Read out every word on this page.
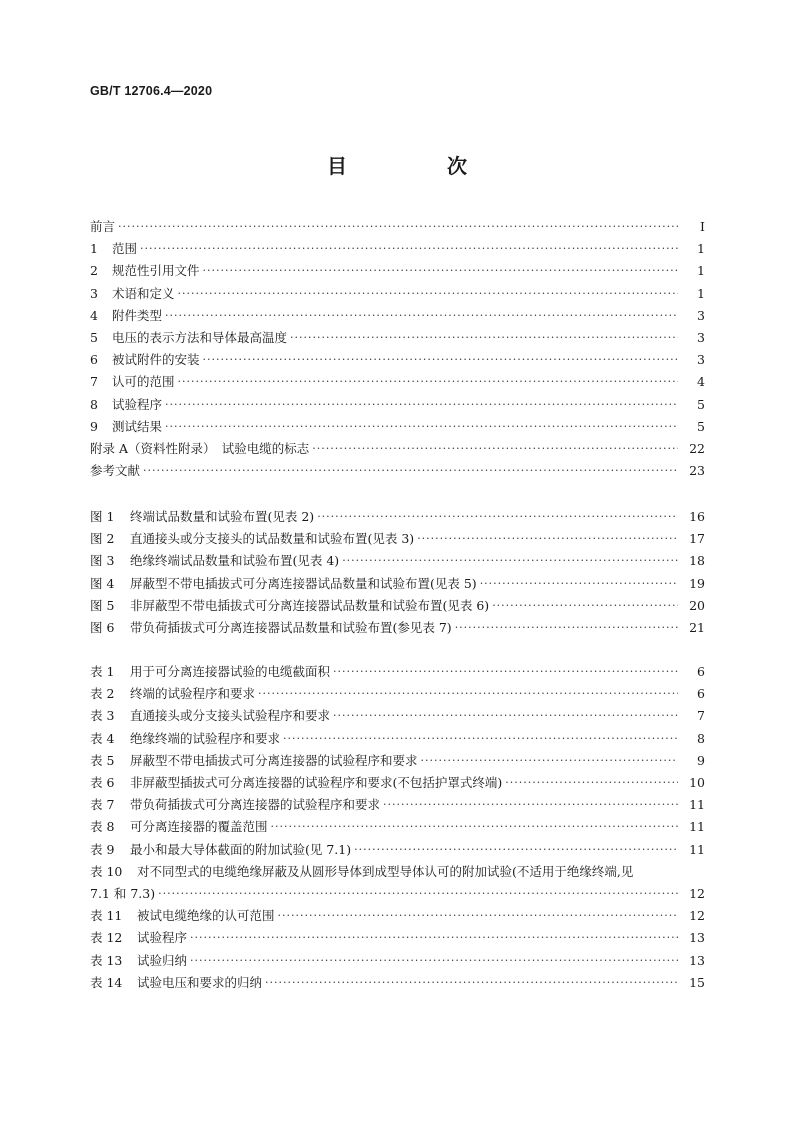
GB/T 12706.4—2020
目　次
前言 ·····	Ⅰ
1	范围 ·····	1
2	规范性引用文件 ·····	1
3	术语和定义 ·····	1
4	附件类型 ·····	3
5	电压的表示方法和导体最高温度 ·····	3
6	被试附件的安装 ·····	3
7	认可的范围 ·····	4
8	试验程序 ·····	5
9	测试结果 ·····	5
附录 A（资料性附录）　试验电缆的标志 ·····	22
参考文献 ·····	23
图 1	终端试品数量和试验布置(见表 2) ·····	16
图 2	直通接头或分支接头的试品数量和试验布置(见表 3) ·····	17
图 3	绝缘终端试品数量和试验布置(见表 4) ·····	18
图 4	屏蔽型不带电插拔式可分离连接器试品数量和试验布置(见表 5) ·····	19
图 5	非屏蔽型不带电插拔式可分离连接器试品数量和试验布置(见表 6) ·····	20
图 6	带负荷插拔式可分离连接器试品数量和试验布置(参见表 7) ·····	21
表 1	用于可分离连接器试验的电缆截面积 ·····	6
表 2	终端的试验程序和要求 ·····	6
表 3	直通接头或分支接头试验程序和要求 ·····	7
表 4	绝缘终端的试验程序和要求 ·····	8
表 5	屏蔽型不带电插拔式可分离连接器的试验程序和要求 ·····	9
表 6	非屏蔽型插拔式可分离连接器的试验程序和要求(不包括护罩式终端) ·····	10
表 7	带负荷插拔式可分离连接器的试验程序和要求 ·····	11
表 8	可分离连接器的覆盖范围 ·····	11
表 9	最小和最大导体截面的附加试验(见 7.1) ·····	11
表 10 对不同型式的电缆绝缘屏蔽及从圆形导体到成型导体认可的附加试验(不适用于绝缘终端,见
7.1 和 7.3) ·····	12
表 11	被试电缆绝缘的认可范围 ·····	12
表 12	试验程序 ·····	13
表 13	试验归纳 ·····	13
表 14	试验电压和要求的归纳 ·····	15
